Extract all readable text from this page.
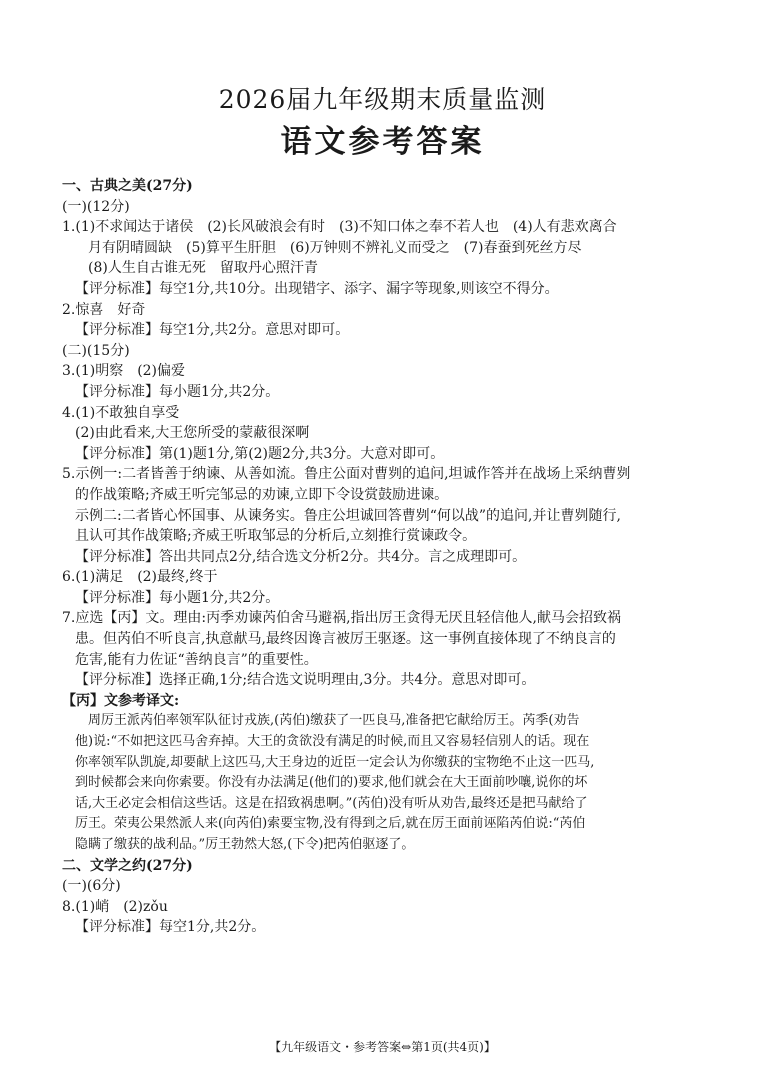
2026届九年级期末质量监测
语文参考答案
一、古典之美(27分)
(一)(12分)
1.(1)不求闻达于诸侯　(2)长风破浪会有时　(3)不知口体之奉不若人也　(4)人有悲欢离合
月有阴晴圆缺　(5)算平生肝胆　(6)万钟则不辨礼义而受之　(7)春蚕到死丝方尽
(8)人生自古谁无死　留取丹心照汗青
【评分标准】每空1分,共10分。出现错字、添字、漏字等现象,则该空不得分。
2.惊喜　好奇
【评分标准】每空1分,共2分。意思对即可。
(二)(15分)
3.(1)明察　(2)偏爱
【评分标准】每小题1分,共2分。
4.(1)不敢独自享受
(2)由此看来,大王您所受的蒙蔽很深啊
【评分标准】第(1)题1分,第(2)题2分,共3分。大意对即可。
5.示例一:二者皆善于纳谏、从善如流。鲁庄公面对曹刿的追问,坦诚作答并在战场上采纳曹刿
的作战策略;齐威王听完邹忌的劝谏,立即下令设赏鼓励进谏。
示例二:二者皆心怀国事、从谏务实。鲁庄公坦诚回答曹刿“何以战”的追问,并让曹刿随行,
且认可其作战策略;齐威王听取邹忌的分析后,立刻推行赏谏政令。
【评分标准】答出共同点2分,结合选文分析2分。共4分。言之成理即可。
6.(1)满足　(2)最终,终于
【评分标准】每小题1分,共2分。
7.应选【丙】文。理由:丙季劝谏芮伯舍马避祸,指出厉王贪得无厌且轻信他人,献马会招致祸
患。但芮伯不听良言,执意献马,最终因谗言被厉王驱逐。这一事例直接体现了不纳良言的
危害,能有力佐证“善纳良言”的重要性。
【评分标准】选择正确,1分;结合选文说明理由,3分。共4分。意思对即可。
【丙】文参考译文:
周厉王派芮伯率领军队征讨戎族,(芮伯)缴获了一匹良马,准备把它献给厉王。芮季(劝告
他)说:“不如把这匹马舍弃掉。大王的贪欲没有满足的时候,而且又容易轻信别人的话。现在
你率领军队凯旋,却要献上这匹马,大王身边的近臣一定会认为你缴获的宝物绝不止这一匹马,
到时候都会来向你索要。你没有办法满足(他们的)要求,他们就会在大王面前吵嚷,说你的坏
话,大王必定会相信这些话。这是在招致祸患啊。”(芮伯)没有听从劝告,最终还是把马献给了
厉王。荣夷公果然派人来(向芮伯)索要宝物,没有得到之后,就在厉王面前诬陷芮伯说:“芮伯
隐瞒了缴获的战利品。”厉王勃然大怒,(下令)把芮伯驱逐了。
二、文学之约(27分)
(一)(6分)
8.(1)峭　(2)zǒu
【评分标准】每空1分,共2分。
【九年级语文・参考答案⇔第1页(共4页)】
